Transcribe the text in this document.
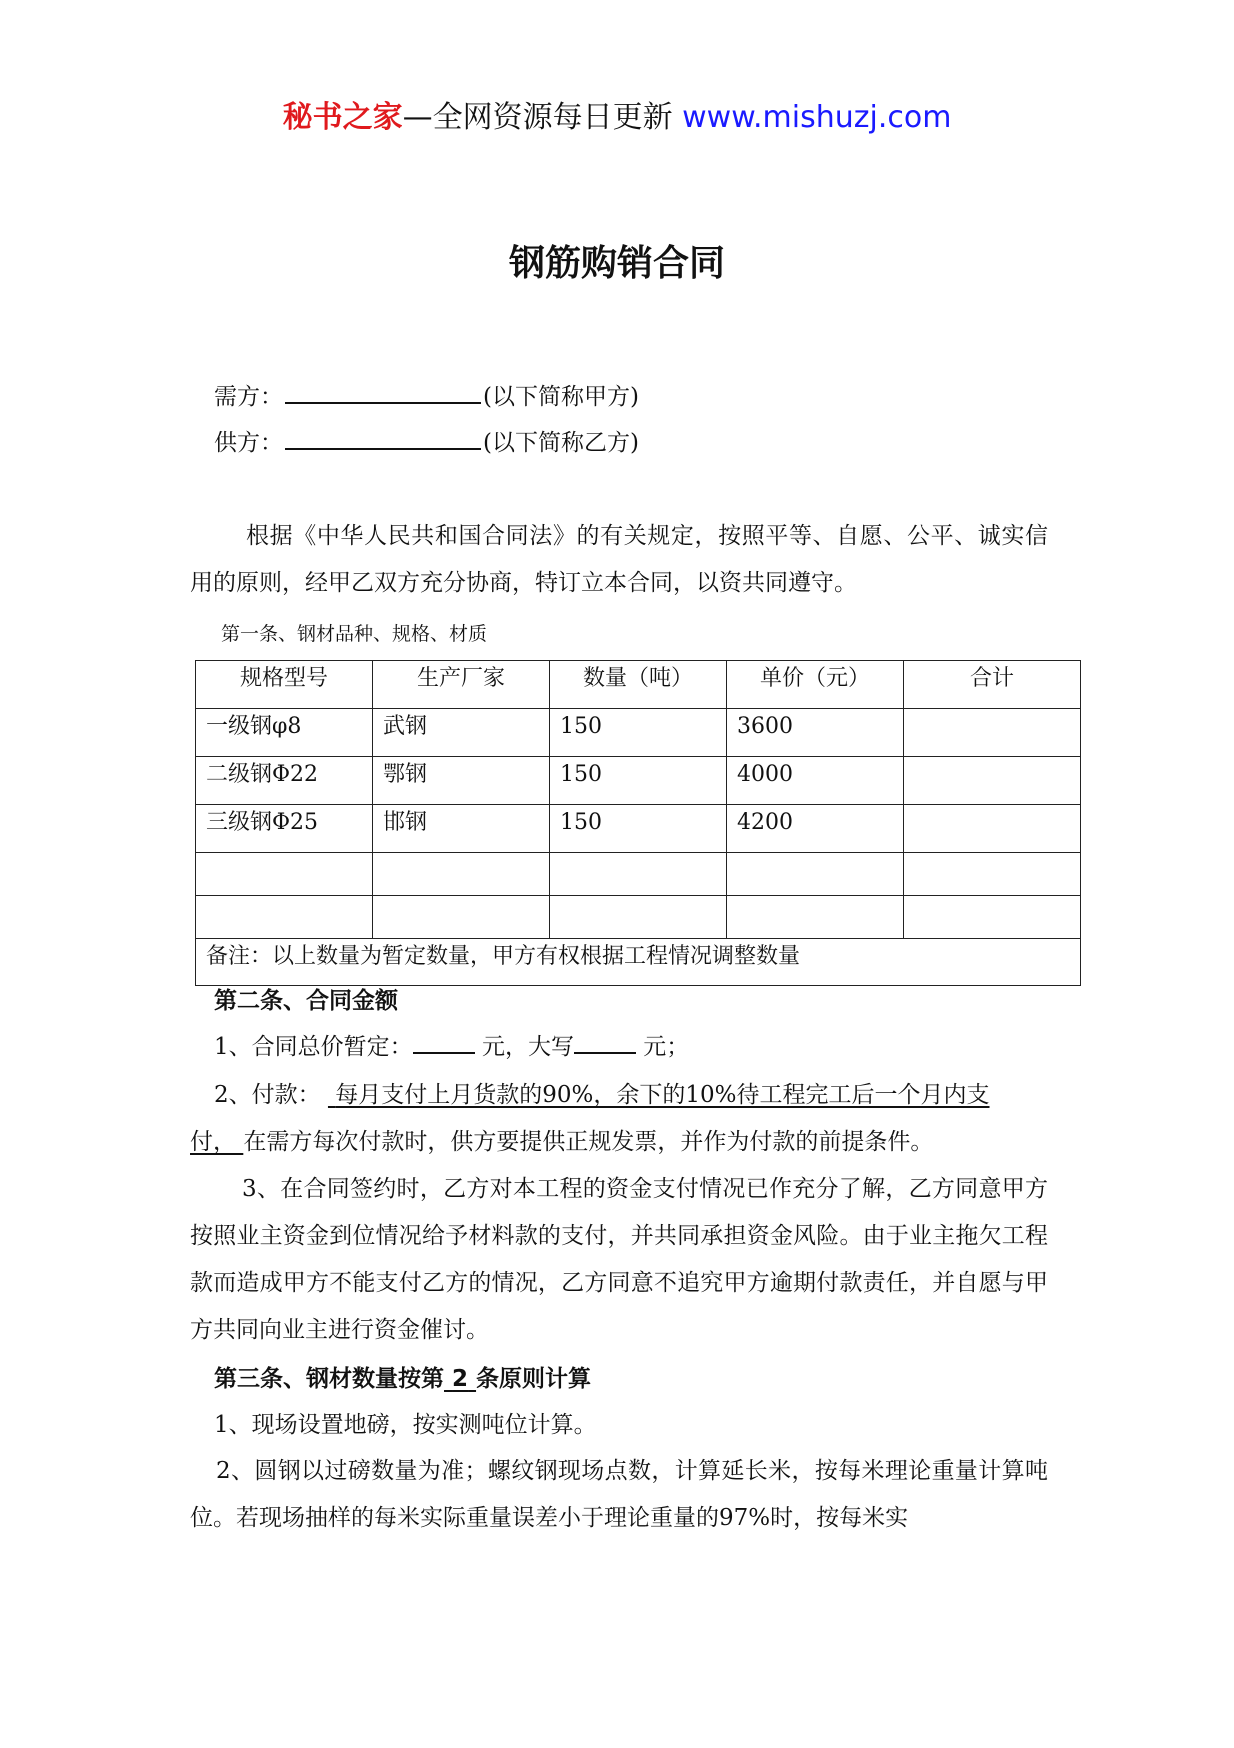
秘书之家—全网资源每日更新 www.mishuzj.com
钢筋购销合同
需方：	(以下简称甲方)
供方：	(以下简称乙方)
根据《中华人民共和国合同法》的有关规定，按照平等、自愿、公平、诚实信用的原则，经甲乙双方充分协商，特订立本合同，以资共同遵守。
第一条、钢材品种、规格、材质
规格型号	生产厂家	数量（吨）	单价（元）	合计
一级钢φ8	武钢	150	3600	
二级钢Φ22	鄂钢	150	4000	
三级钢Φ25	邯钢	150	4200	

备注：以上数量为暂定数量，甲方有权根据工程情况调整数量				
第二条、合同金额
1、合同总价暂定：	元，大写	元；
2、付款： 每月支付上月货款的90%，余下的10%待工程完工后一个月内支
付， 在需方每次付款时，供方要提供正规发票，并作为付款的前提条件。
3、在合同签约时，乙方对本工程的资金支付情况已作充分了解，乙方同意甲方按照业主资金到位情况给予材料款的支付，并共同承担资金风险。由于业主拖欠工程款而造成甲方不能支付乙方的情况，乙方同意不追究甲方逾期付款责任，并自愿与甲方共同向业主进行资金催讨。
第三条、钢材数量按第 2 条原则计算
1、现场设置地磅，按实测吨位计算。
2、圆钢以过磅数量为准；螺纹钢现场点数，计算延长米，按每米理论重量计算吨位。若现场抽样的每米实际重量误差小于理论重量的97%时，按每米实
